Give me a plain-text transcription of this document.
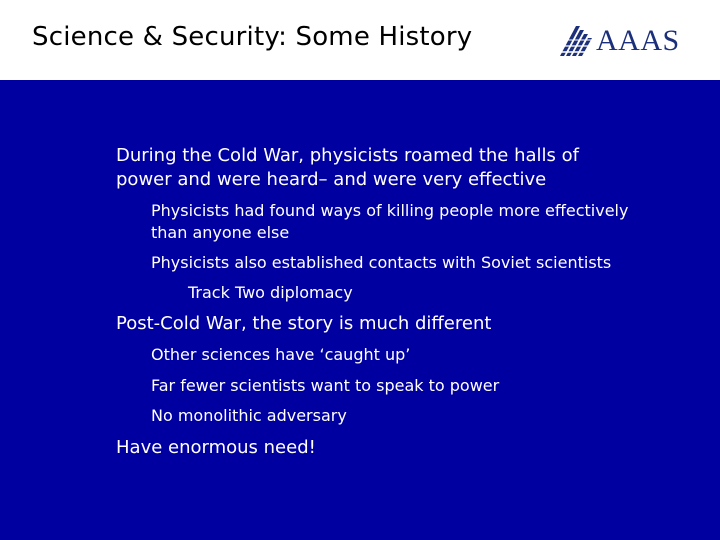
Science & Security: Some History	AAAS
During the Cold War, physicists roamed the halls of
power and were heard– and were very effective
Physicists had found ways of killing people more effectively
than anyone else
Physicists also established contacts with Soviet scientists
Track Two diplomacy
Post-Cold War, the story is much different
Other sciences have ‘caught up’
Far fewer scientists want to speak to power
No monolithic adversary
Have enormous need!
